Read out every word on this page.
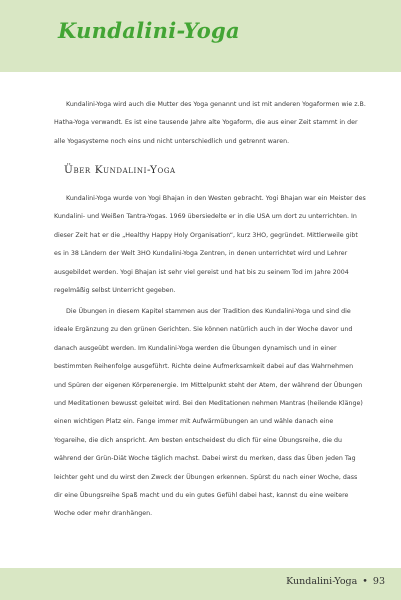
Kundalini-Yoga

Kundalini-Yoga wird auch die Mutter des Yoga genannt und ist mit anderen Yogaformen wie z.B. Hatha-Yoga verwandt. Es ist eine tausende Jahre alte Yogaform, die aus einer Zeit stammt in der alle Yogasysteme noch eins und nicht unterschiedlich und getrennt waren.

Über Kundalini-Yoga

Kundalini-Yoga wurde von Yogi Bhajan in den Westen gebracht. Yogi Bhajan war ein Meister des Kundalini- und Weißen Tantra-Yogas. 1969 übersiedelte er in die USA um dort zu unterrichten. In dieser Zeit hat er die „Healthy Happy Holy Organisation“, kurz 3HO, gegründet. Mittlerweile gibt es in 38 Ländern der Welt 3HO Kundalini-Yoga Zentren, in denen unterrichtet wird und Lehrer ausgebildet werden. Yogi Bhajan ist sehr viel gereist und hat bis zu seinem Tod im Jahre 2004 regelmäßig selbst Unterricht gegeben.

Die Übungen in diesem Kapitel stammen aus der Tradition des Kundalini-Yoga und sind die ideale Ergänzung zu den grünen Gerichten. Sie können natürlich auch in der Woche davor und danach ausgeübt werden. Im Kundalini-Yoga werden die Übungen dynamisch und in einer bestimmten Reihenfolge ausgeführt. Richte deine Aufmerksamkeit dabei auf das Wahrnehmen und Spüren der eigenen Körperenergie. Im Mittelpunkt steht der Atem, der während der Übungen und Meditationen bewusst geleitet wird. Bei den Meditationen nehmen Mantras (heilende Klänge) einen wichtigen Platz ein. Fange immer mit Aufwärmübungen an und wähle danach eine Yogareihe, die dich anspricht. Am besten entscheidest du dich für eine Übungsreihe, die du während der Grün-Diät Woche täglich machst. Dabei wirst du merken, dass das Üben jeden Tag leichter geht und du wirst den Zweck der Übungen erkennen. Spürst du nach einer Woche, dass dir eine Übungsreihe Spaß macht und du ein gutes Gefühl dabei hast, kannst du eine weitere Woche oder mehr dranhängen.

Kundalini-Yoga • 93
